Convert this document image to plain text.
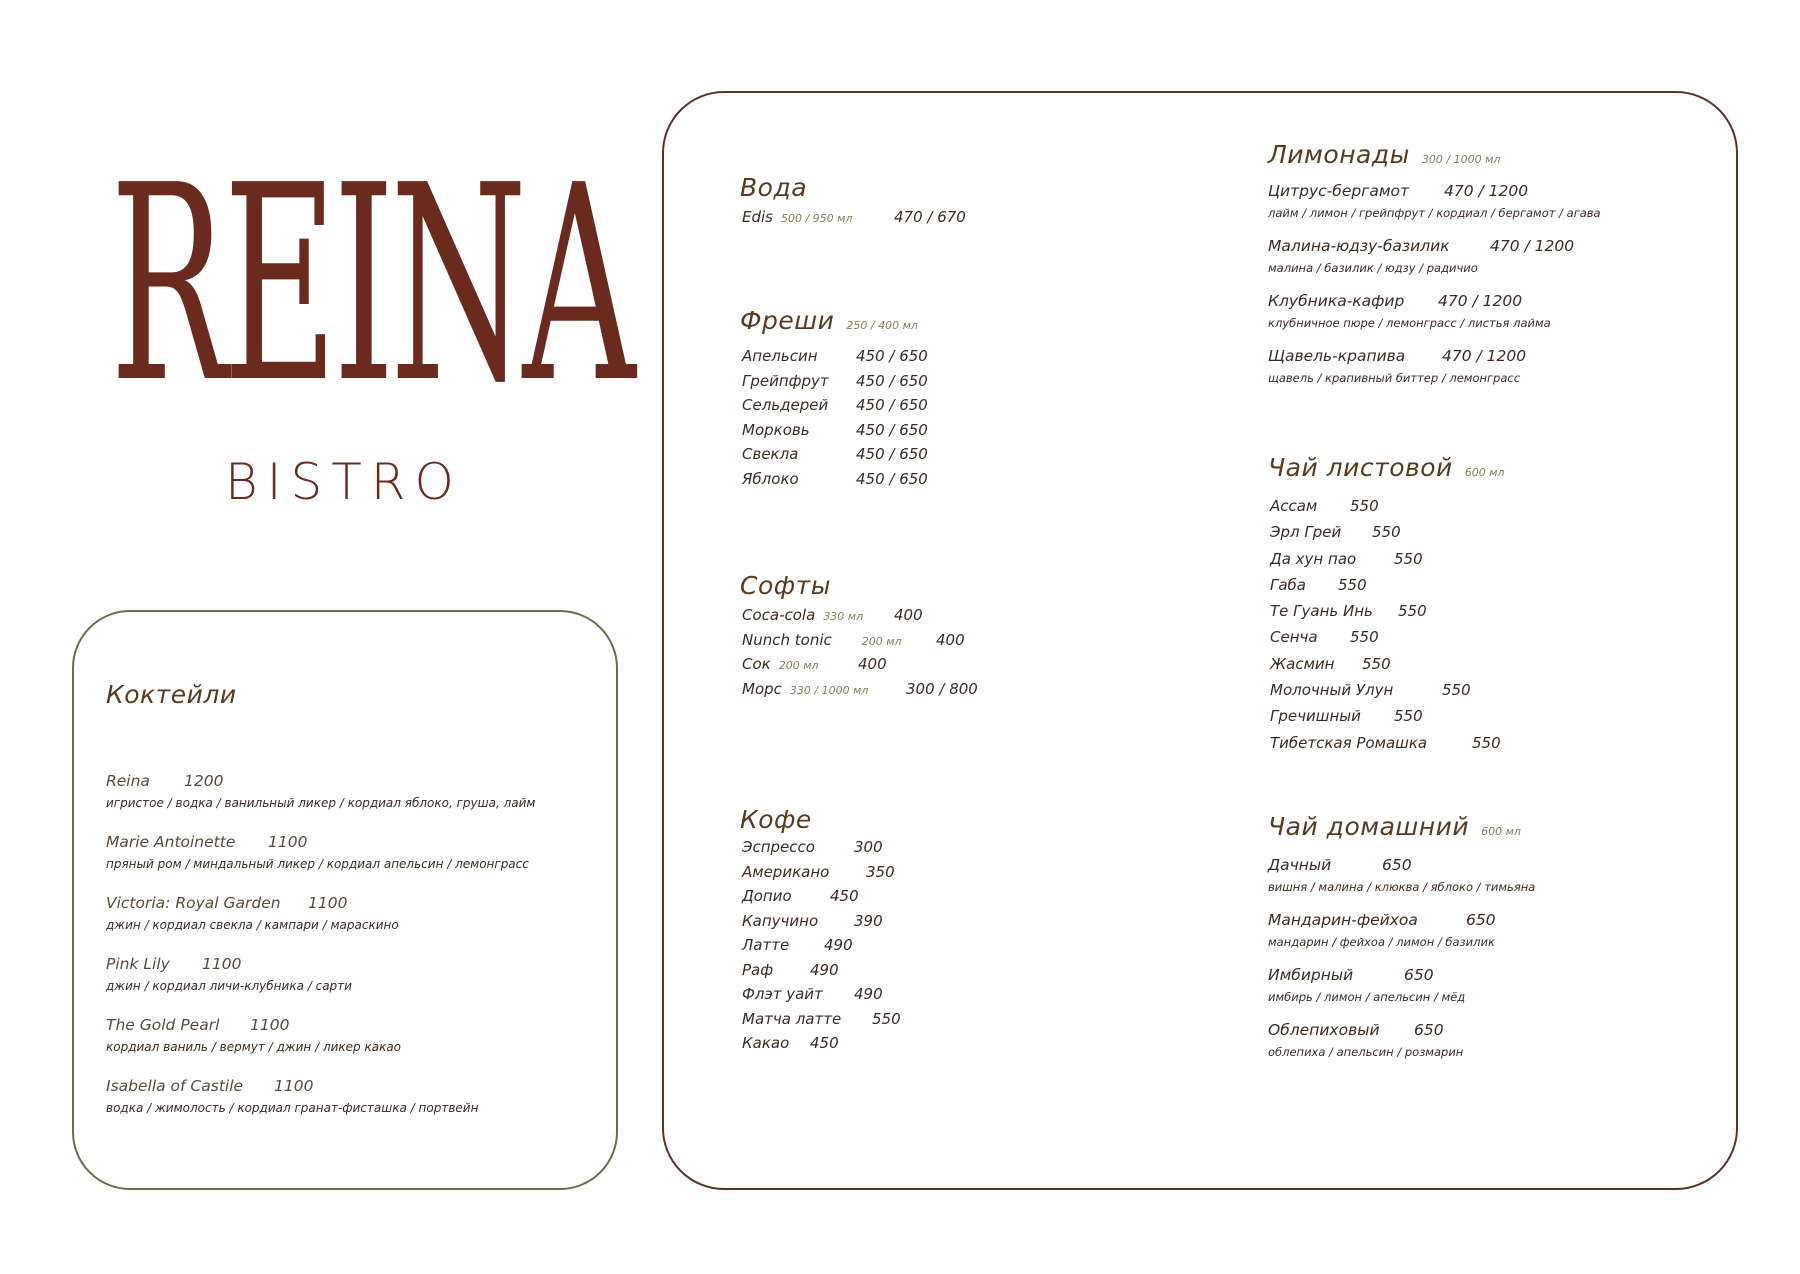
REINA
BISTRO
Коктейли
Reina 1200
игристое / водка / ванильный ликер / кордиал яблоко, груша, лайм
Marie Antoinette 1100
пряный ром / миндальный ликер / кордиал апельсин / лемонграсс
Victoria: Royal Garden 1100
джин / кордиал свекла / кампари / мараскино
Pink Lily 1100
джин / кордиал личи-клубника / сарти
The Gold Pearl 1100
кордиал ваниль / вермут / джин / ликер какао
Isabella of Castile 1100
водка / жимолость / кордиал гранат-фисташка / портвейн
Вода
Edis 500 / 950 мл	470 / 670
Фреши 250 / 400 мл
Апельсин	450 / 650
Грейпфрут 450 / 650
Сельдерей 450 / 650
Морковь	450 / 650
Свекла	450 / 650
Яблоко	450 / 650
Софты
Coca-cola 330 мл 400
Nunch tonic	200 мл 400
Сок 200 мл	400
Морс 330 / 1000 мл	300 / 800
Кофе
Эспрессо	300
Американо 350
Допио	450
Капучино 390
Латте 490
Раф 490
Флэт уайт 490
Матча латте 550
Какао 450
Лимонады 300 / 1000 мл
Цитрус-бергамот 470 / 1200
лайм / лимон / грейпфрут / кордиал / бергамот / агава
Малина-юдзу-базилик	470 / 1200
малина / базилик / юдзу / радичио
Клубника-кафир 470 / 1200
клубничное пюре / лемонграсс / листья лайма
Щавель-крапива 470 / 1200
щавель / крапивный биттер / лемонграсс
Чай листовой 600 мл
Ассам 550
Эрл Грей 550
Да хун пао	550
Габа 550
Те Гуань Инь 550
Сенча 550
Жасмин 550
Молочный Улун	550
Гречишный 550
Тибетская Ромашка	550
Чай домашний 600 мл
Дачный	650
вишня / малина / клюква / яблоко / тимьяна
Мандарин-фейхоа	650
мандарин / фейхоа / лимон / базилик
Имбирный	650
имбирь / лимон / апельсин / мёд
Облепиховый 650
облепиха / апельсин / розмарин
